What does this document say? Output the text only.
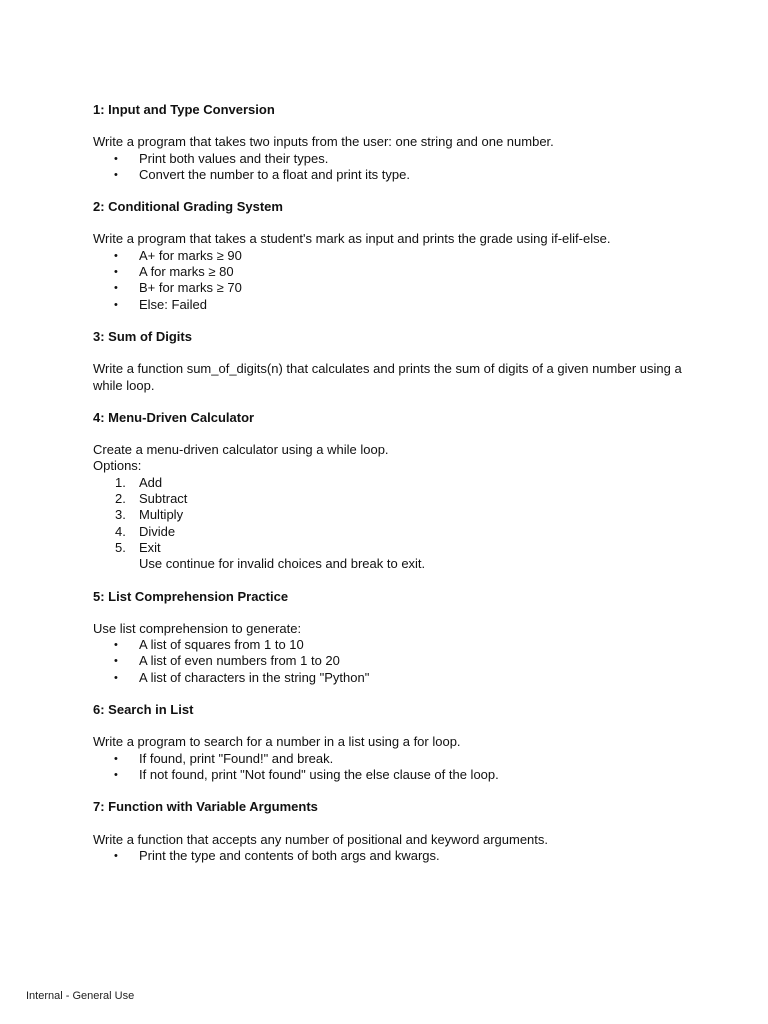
1: Input and Type Conversion

Write a program that takes two inputs from the user: one string and one number.

• Print both values and their types.
• Convert the number to a float and print its type.

2: Conditional Grading System

Write a program that takes a student's mark as input and prints the grade using if-elif-else.

• A+ for marks ≥ 90
• A for marks ≥ 80
• B+ for marks ≥ 70
• Else: Failed

3: Sum of Digits

Write a function sum_of_digits(n) that calculates and prints the sum of digits of a given number using a while loop.

4: Menu-Driven Calculator

Create a menu-driven calculator using a while loop.

Options:

1.	Add
2.	Subtract
3.	Multiply
4.	Divide
5.	Exit

Use continue for invalid choices and break to exit.

5: List Comprehension Practice

Use list comprehension to generate:

• A list of squares from 1 to 10
• A list of even numbers from 1 to 20
• A list of characters in the string "Python"

6: Search in List

Write a program to search for a number in a list using a for loop.

• If found, print "Found!" and break.
• If not found, print "Not found" using the else clause of the loop.

7: Function with Variable Arguments

Write a function that accepts any number of positional and keyword arguments.

• Print the type and contents of both args and kwargs.
Internal - General Use
